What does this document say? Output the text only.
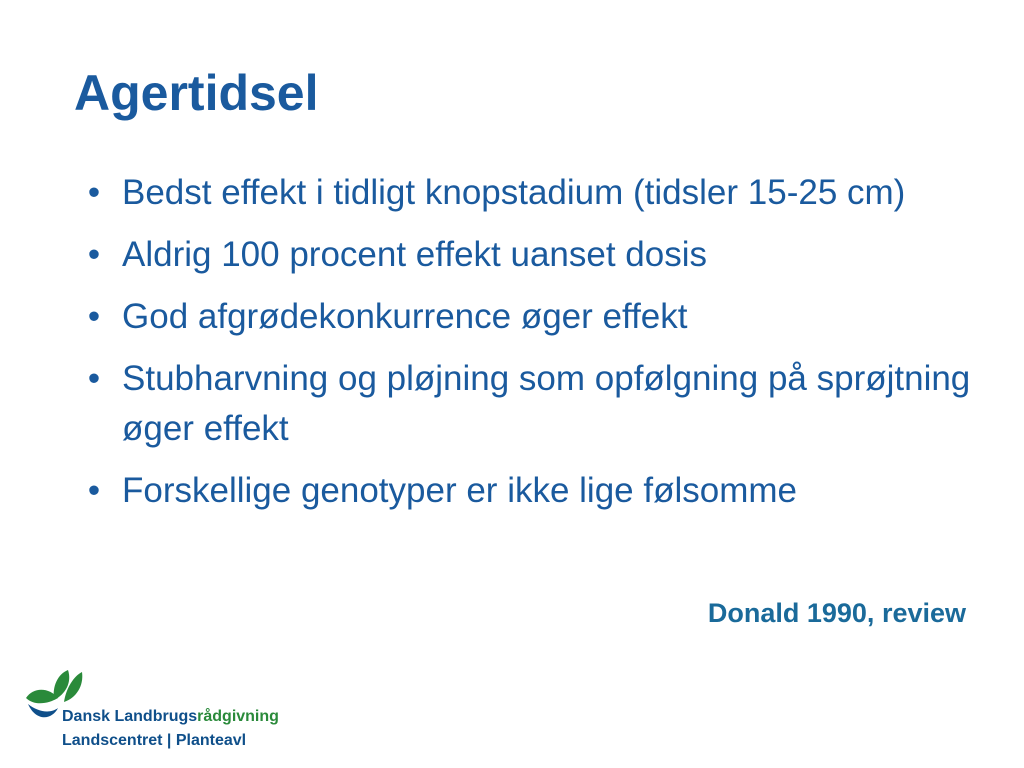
Agertidsel
• Bedst effekt i tidligt knopstadium (tidsler 15-25 cm)
• Aldrig 100 procent effekt uanset dosis
• God afgrødekonkurrence øger effekt
• Stubharvning og pløjning som opfølgning på sprøjtning øger effekt
• Forskellige genotyper er ikke lige følsomme
Donald 1990, review
Dansk Landbrugsrådgivning
Landscentret | Planteavl
